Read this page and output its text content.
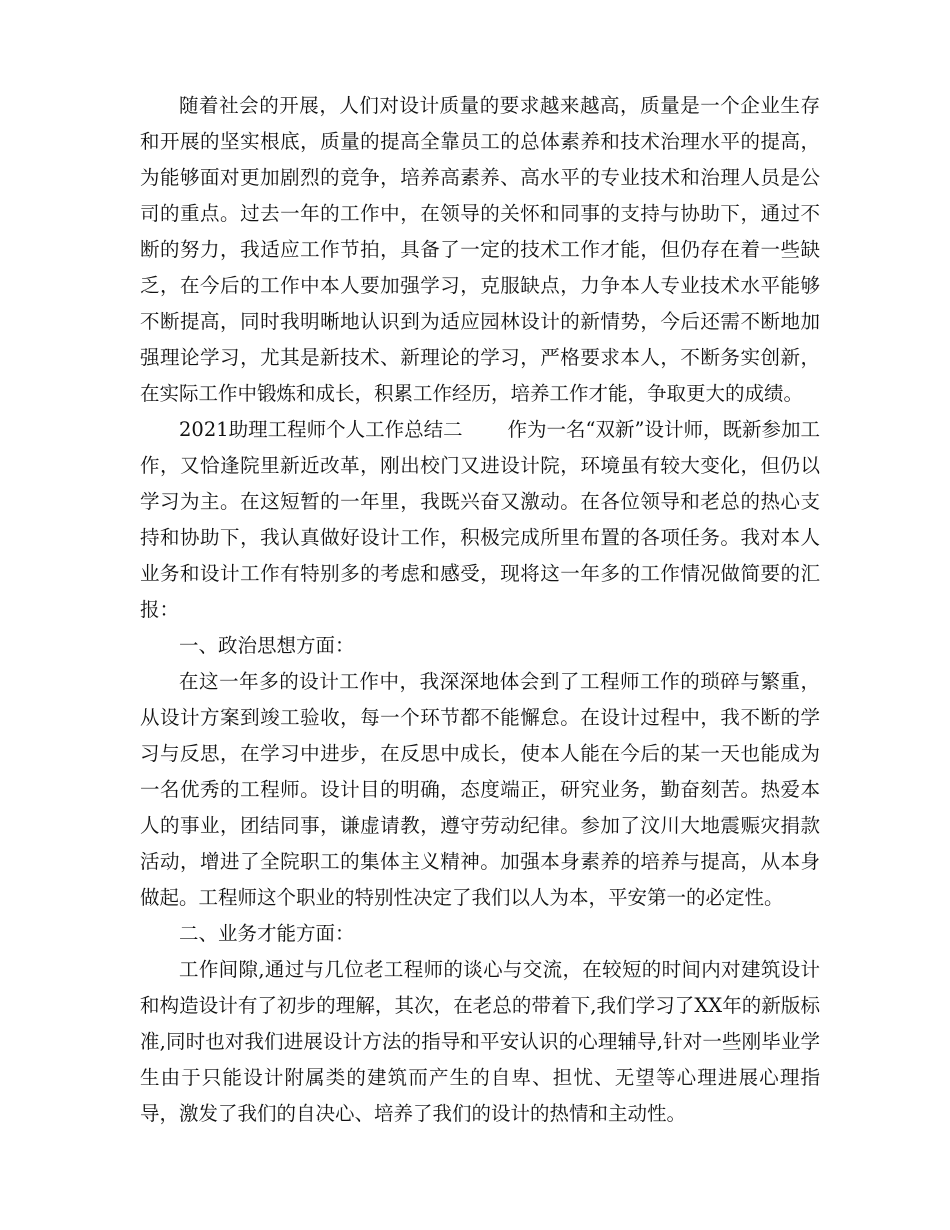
随着社会的开展，人们对设计质量的要求越来越高，质量是一个企业生存和开展的坚实根底，质量的提高全靠员工的总体素养和技术治理水平的提高，为能够面对更加剧烈的竞争，培养高素养、高水平的专业技术和治理人员是公司的重点。过去一年的工作中，在领导的关怀和同事的支持与协助下，通过不断的努力，我适应工作节拍，具备了一定的技术工作才能，但仍存在着一些缺乏，在今后的工作中本人要加强学习，克服缺点，力争本人专业技术水平能够不断提高，同时我明晰地认识到为适应园林设计的新情势，今后还需不断地加强理论学习，尤其是新技术、新理论的学习，严格要求本人，不断务实创新，在实际工作中锻炼和成长，积累工作经历，培养工作才能，争取更大的成绩。

2021助理工程师个人工作总结二 作为一名“双新”设计师，既新参加工作，又恰逢院里新近改革，刚出校门又进设计院，环境虽有较大变化，但仍以学习为主。在这短暂的一年里，我既兴奋又激动。在各位领导和老总的热心支持和协助下，我认真做好设计工作，积极完成所里布置的各项任务。我对本人业务和设计工作有特别多的考虑和感受，现将这一年多的工作情况做简要的汇报：

一、政治思想方面：

在这一年多的设计工作中，我深深地体会到了工程师工作的琐碎与繁重，从设计方案到竣工验收，每一个环节都不能懈怠。在设计过程中，我不断的学习与反思，在学习中进步，在反思中成长，使本人能在今后的某一天也能成为一名优秀的工程师。设计目的明确，态度端正，研究业务，勤奋刻苦。热爱本人的事业，团结同事，谦虚请教，遵守劳动纪律。参加了汶川大地震赈灾捐款活动，增进了全院职工的集体主义精神。加强本身素养的培养与提高，从本身做起。工程师这个职业的特别性决定了我们以人为本，平安第一的必定性。

二、业务才能方面：

工作间隙,通过与几位老工程师的谈心与交流，在较短的时间内对建筑设计和构造设计有了初步的理解，其次，在老总的带着下,我们学习了XX年的新版标准,同时也对我们进展设计方法的指导和平安认识的心理辅导,针对一些刚毕业学生由于只能设计附属类的建筑而产生的自卑、担忧、无望等心理进展心理指导，激发了我们的自决心、培养了我们的设计的热情和主动性。
